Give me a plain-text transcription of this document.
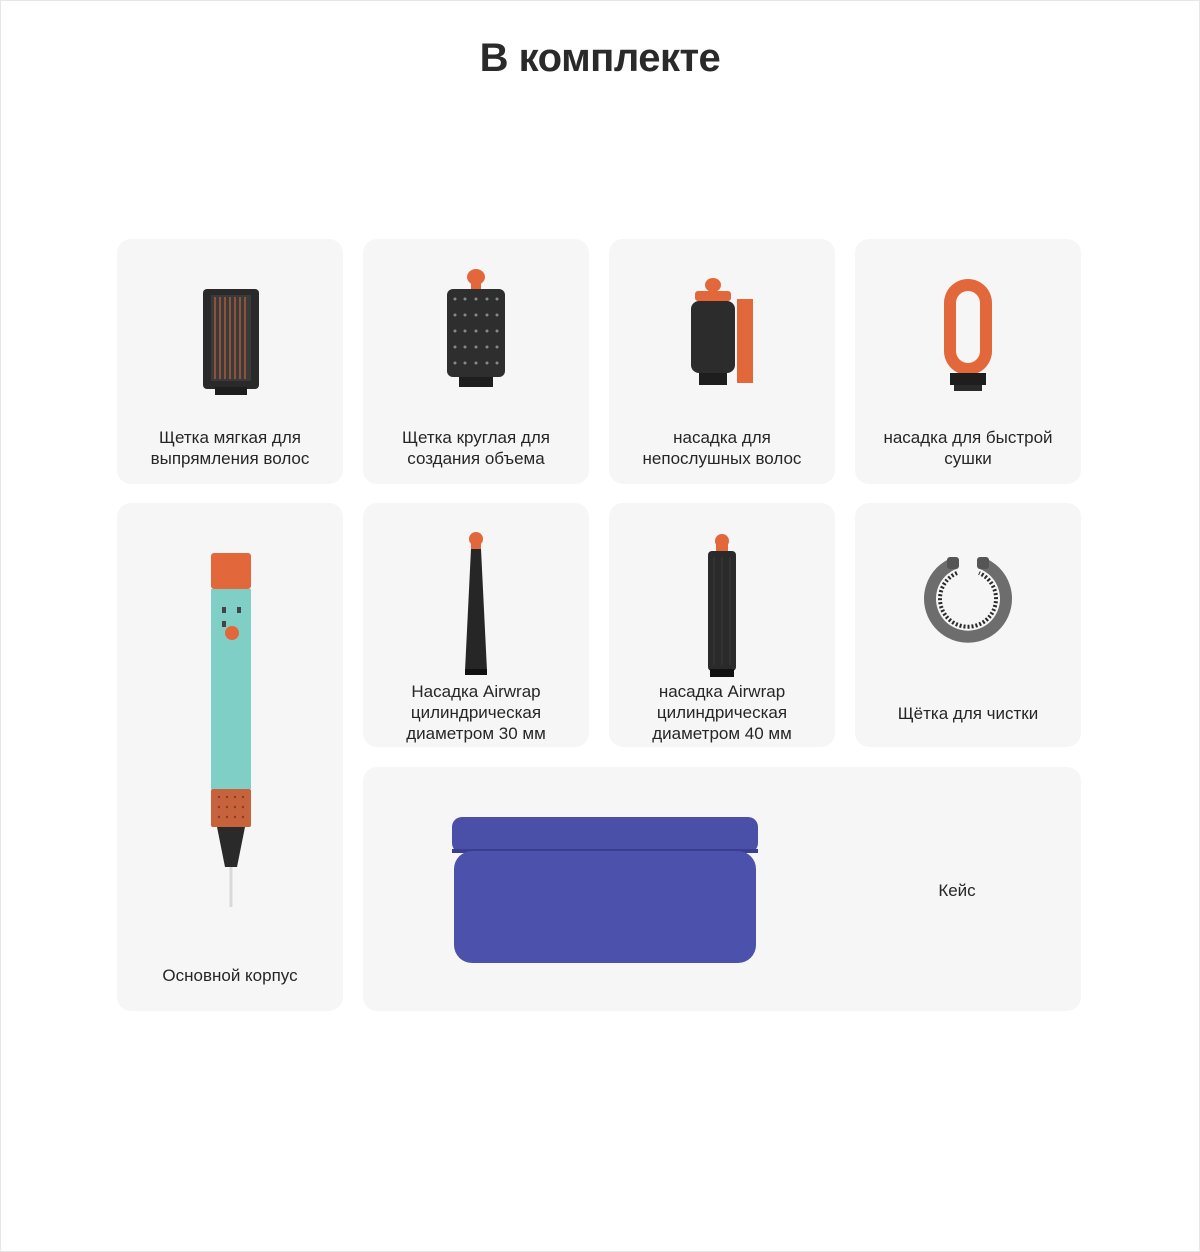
В комплекте
Щетка мягкая для
выпрямления волос
Щетка круглая для
создания объема
насадка для
непослушных волос
насадка для быстрой
сушки
Основной корпус
Насадка Airwrap
цилиндрическая
диаметром 30 мм
насадка Airwrap
цилиндрическая
диаметром 40 мм
Щётка для чистки
Кейс
